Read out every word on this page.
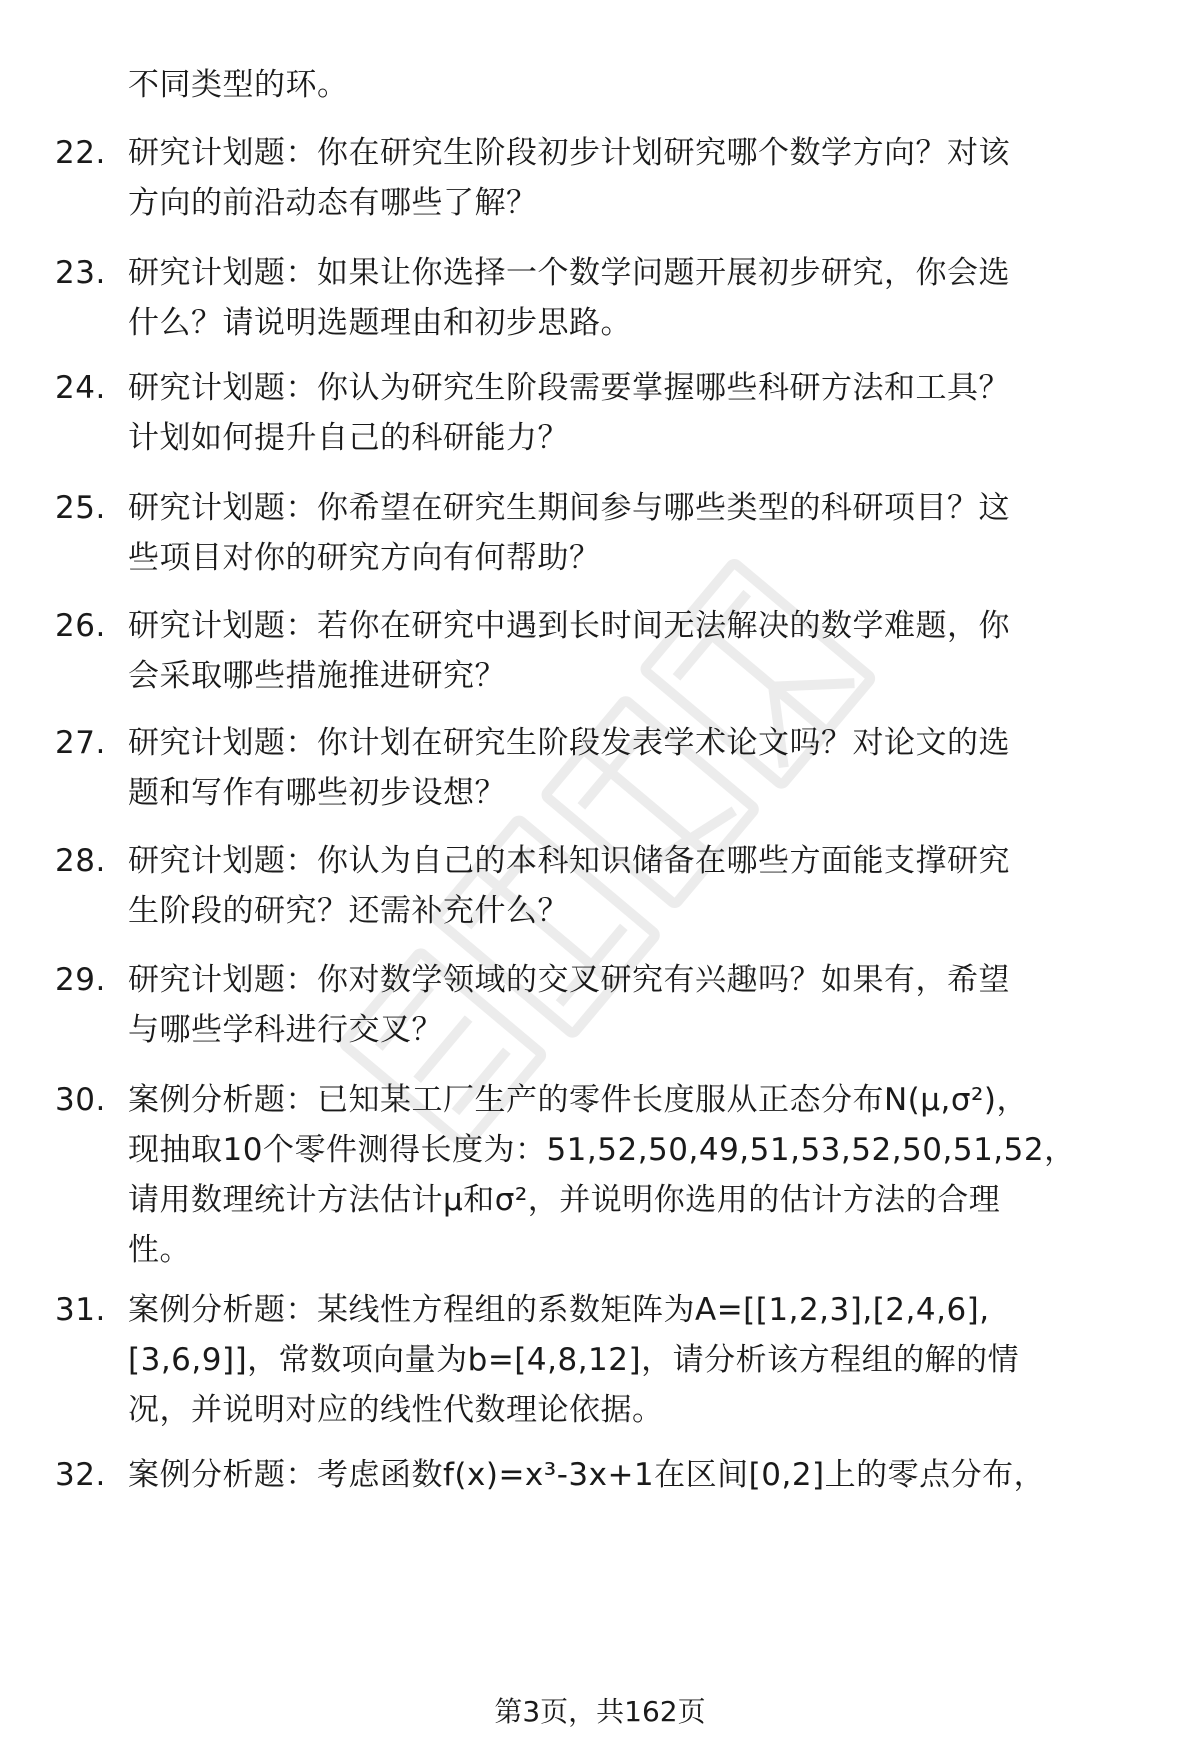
不同类型的环。
22. 研究计划题：你在研究生阶段初步计划研究哪个数学方向？对该
方向的前沿动态有哪些了解？
23. 研究计划题：如果让你选择一个数学问题开展初步研究，你会选
什么？请说明选题理由和初步思路。
24. 研究计划题：你认为研究生阶段需要掌握哪些科研方法和工具？
计划如何提升自己的科研能力？
25. 研究计划题：你希望在研究生期间参与哪些类型的科研项目？这
些项目对你的研究方向有何帮助？
26. 研究计划题：若你在研究中遇到长时间无法解决的数学难题，你
会采取哪些措施推进研究？
27. 研究计划题：你计划在研究生阶段发表学术论文吗？对论文的选
题和写作有哪些初步设想？
28. 研究计划题：你认为自己的本科知识储备在哪些方面能支撑研究
生阶段的研究？还需补充什么？
29. 研究计划题：你对数学领域的交叉研究有兴趣吗？如果有，希望
与哪些学科进行交叉？
30. 案例分析题：已知某工厂生产的零件长度服从正态分布N(μ,σ²)，
现抽取10个零件测得长度为：51,52,50,49,51,53,52,50,51,52，
请用数理统计方法估计μ和σ²，并说明你选用的估计方法的合理
性。
31. 案例分析题：某线性方程组的系数矩阵为A=[[1,2,3],[2,4,6],
[3,6,9]]，常数项向量为b=[4,8,12]，请分析该方程组的解的情
况，并说明对应的线性代数理论依据。
32. 案例分析题：考虑函数f(x)=x³-3x+1在区间[0,2]上的零点分布，
第3页，共162页
